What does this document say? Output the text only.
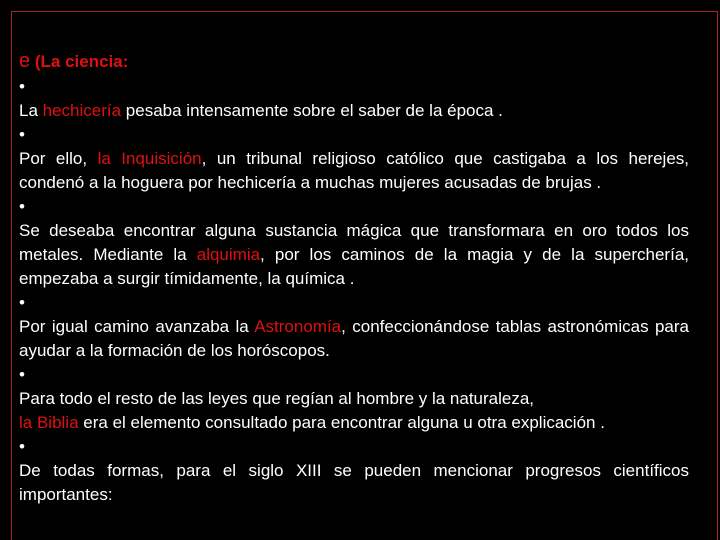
e (La ciencia:

•

La hechicería pesaba intensamente sobre el saber de la época .

•

Por ello, la Inquisición, un tribunal religioso católico que castigaba a los herejes, condenó a la hoguera por hechicería a muchas mujeres acusadas de brujas .

•

Se deseaba encontrar alguna sustancia mágica que transformara en oro todos los metales. Mediante la alquimia, por los caminos de la magia y de la superchería, empezaba a surgir tímidamente, la química .

•

Por igual camino avanzaba la Astronomía, confeccionándose tablas astronómicas para ayudar a la formación de los horóscopos.

•

Para todo el resto de las leyes que regían al hombre y la naturaleza,

la Biblia era el elemento consultado para encontrar alguna u otra explicación .

•

De todas formas, para el siglo XIII se pueden mencionar progresos científicos importantes:
